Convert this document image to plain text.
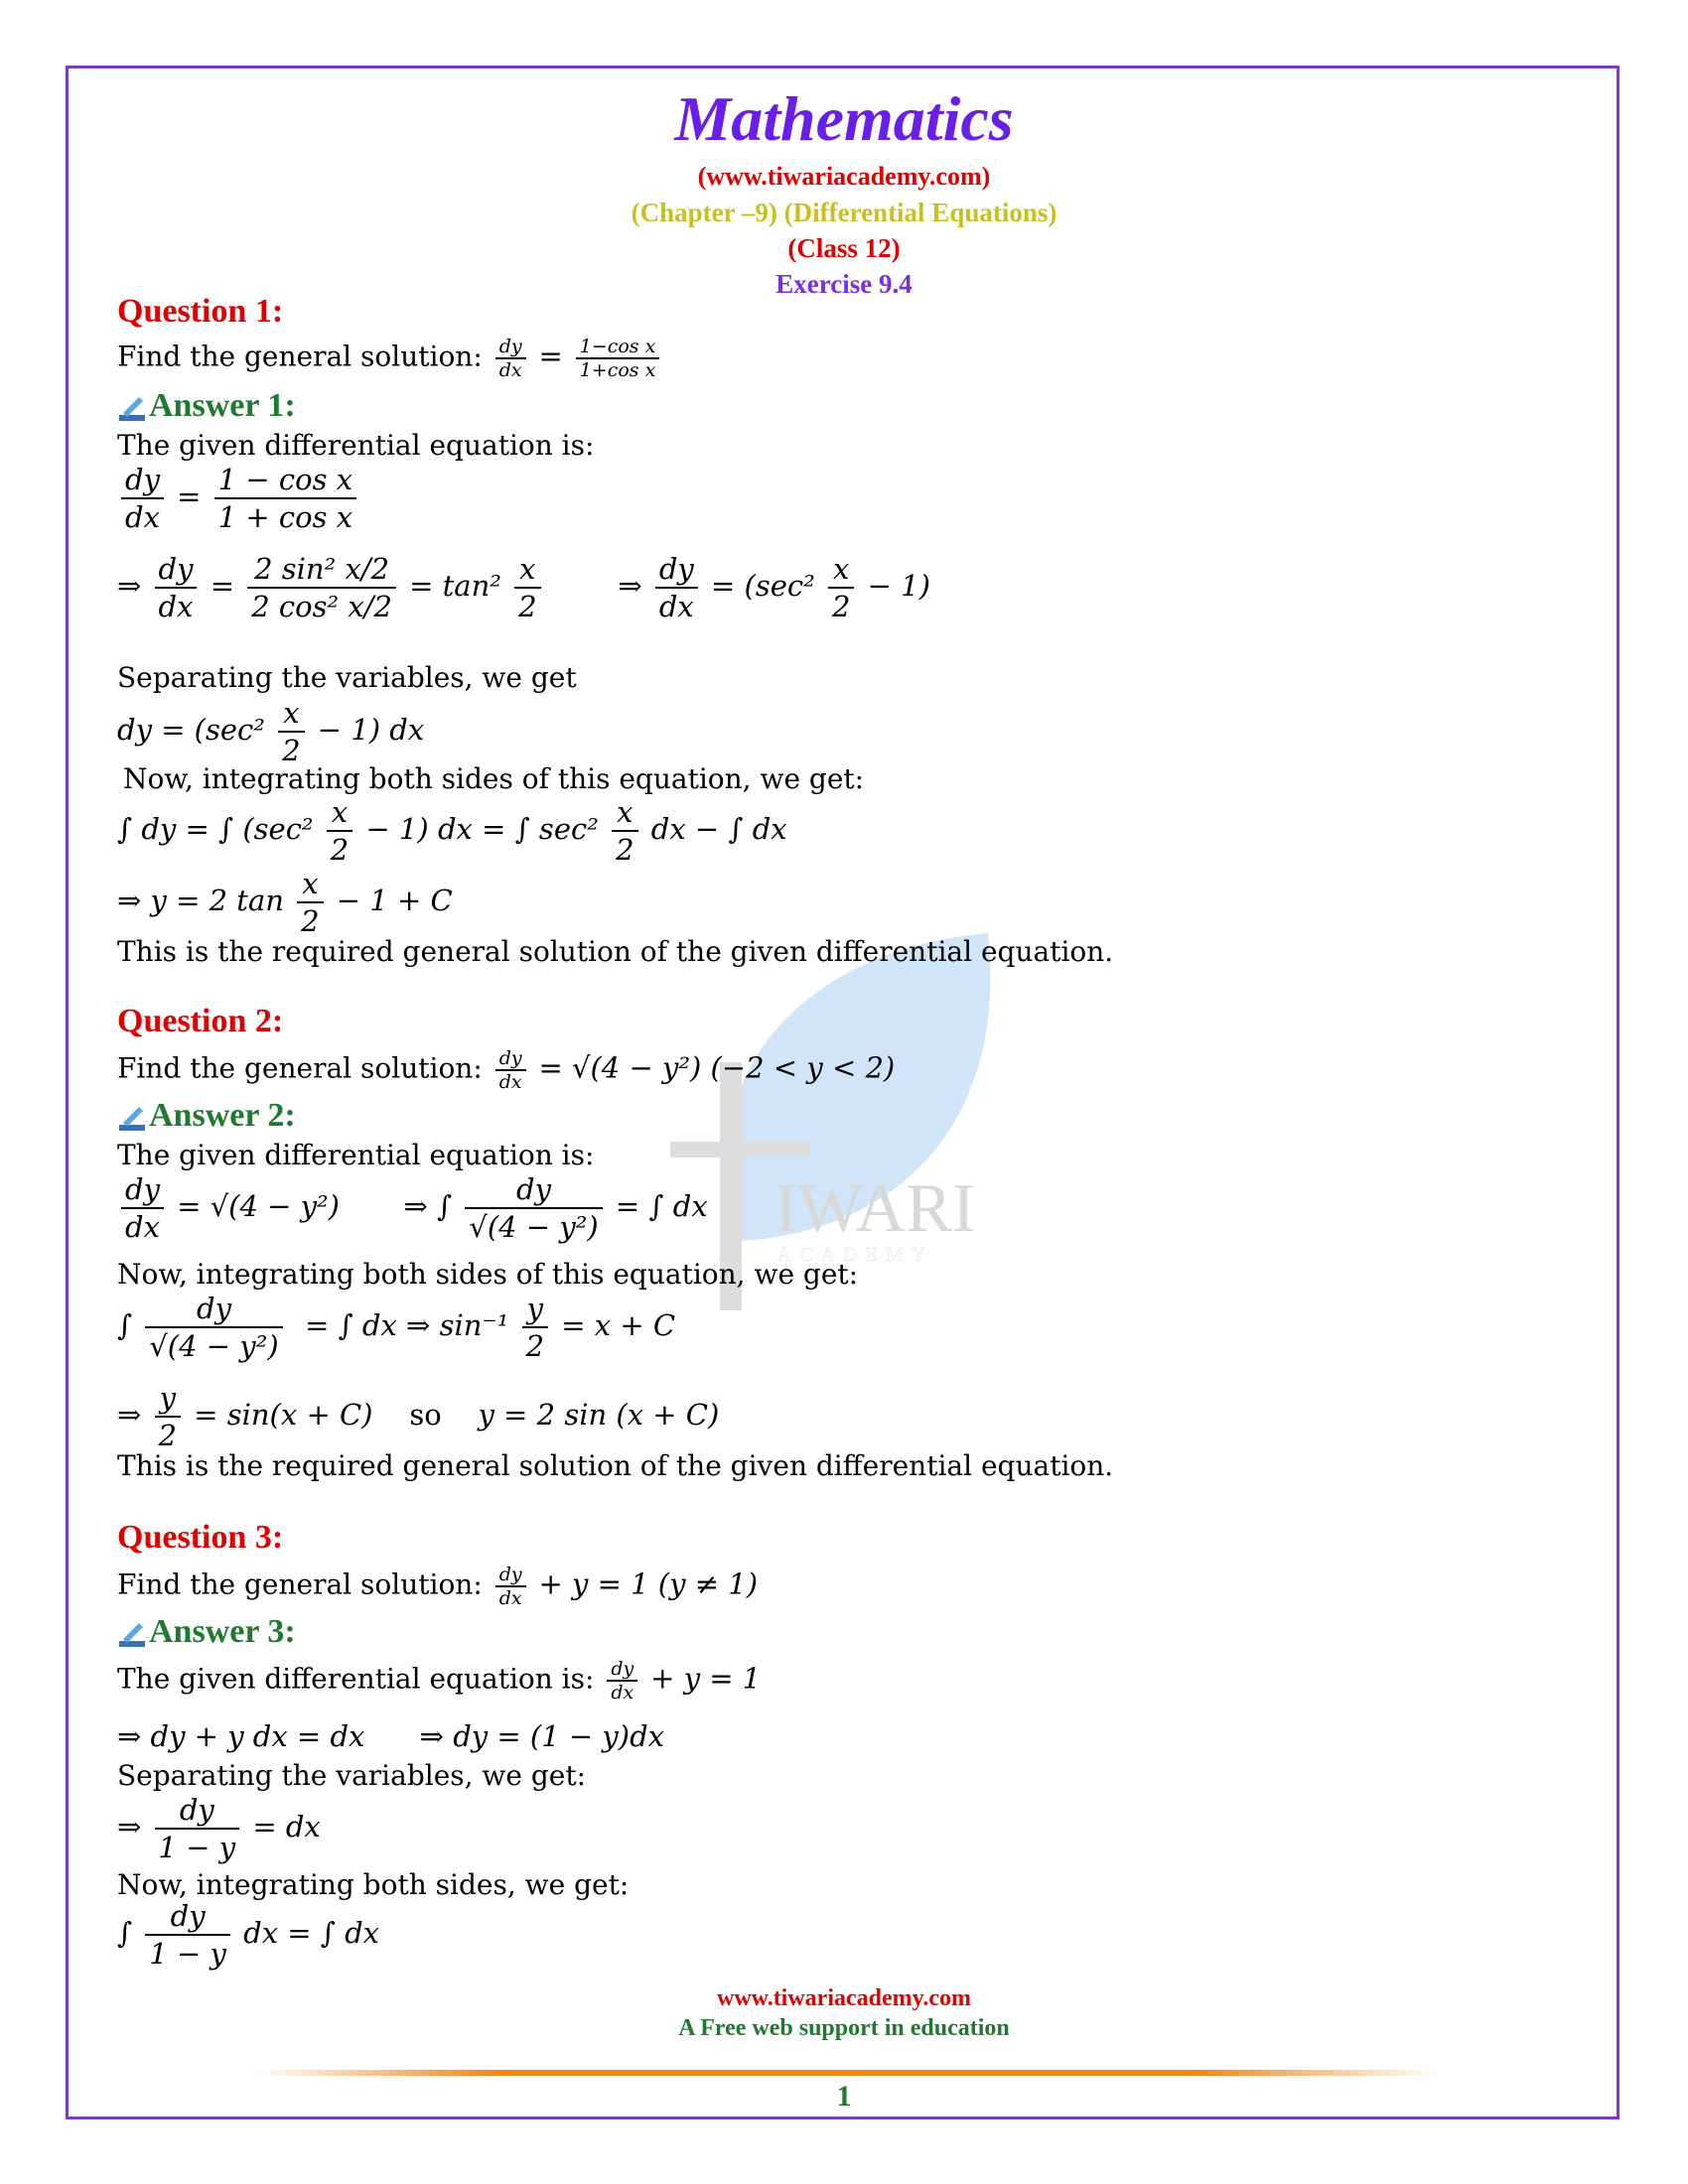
IWARI
ACADEMY
Mathematics
(www.tiwariacademy.com)
(Chapter –9) (Differential Equations)
(Class 12)
Exercise 9.4
Question 1:
Find the general solution: $\frac{dy}{dx} = \frac{\text{1−cos x}}{\text{1+cos x}}$
Answer 1:
The given differential equation is:
$\frac{dy}{dx} = \frac{\text{1 − cos x}}{\text{1 + cos x}}$
⇒ $\frac{dy}{dx} = \frac{\text{2 sin² x/2}}{\text{2 cos² x/2}} = \tan^2 \frac{x}{2}$ ⇒ $\frac{dy}{dx} = (\sec^2 \frac{x}{2} - 1)$
Separating the variables, we get
dy = $(\sec^2 \frac{x}{2} - 1)$ dx
Now, integrating both sides of this equation, we get:
∫ dy = ∫ $(\sec^2 \frac{x}{2} - 1)$ dx = ∫ $\sec^2 \frac{x}{2}$ dx − ∫ dx
⇒ y = 2 $\tan \frac{x}{2} - 1 + C$
This is the required general solution of the given differential equation.
Question 2:
Find the general solution: $\frac{dy}{dx} = √(4 - y^2) (-2 < y < 2)$
Answer 2:
The given differential equation is:
$\frac{dy}{dx} = √(4 - y^2)$       ⇒ ∫ $\frac{dy}{\text{√(4 − y²)}}$ = ∫ dx
Now, integrating both sides of this equation, we get:
∫ $\frac{dy}{\text{√(4 − y²)}}$ = ∫ dx ⇒ $\sin^{-1} \frac{y}{2} = x + C$
⇒ $\frac{y}{2} = \sin(x + C)$    so    y = 2 sin (x + C)
This is the required general solution of the given differential equation.
Question 3:
Find the general solution: $\frac{dy}{dx} + y = 1$ (y ≠ 1)
Answer 3:
The given differential equation is: $\frac{dy}{dx} + y = 1$
⇒ dy + y dx = dx      ⇒ dy = (1 − y)dx
Separating the variables, we get:
⇒ $\frac{dy}{1 - y}$ = dx
Now, integrating both sides, we get:
∫ $\frac{dy}{1 - y}$ dx = ∫ dx
www.tiwariacademy.com
A Free web support in education
1
